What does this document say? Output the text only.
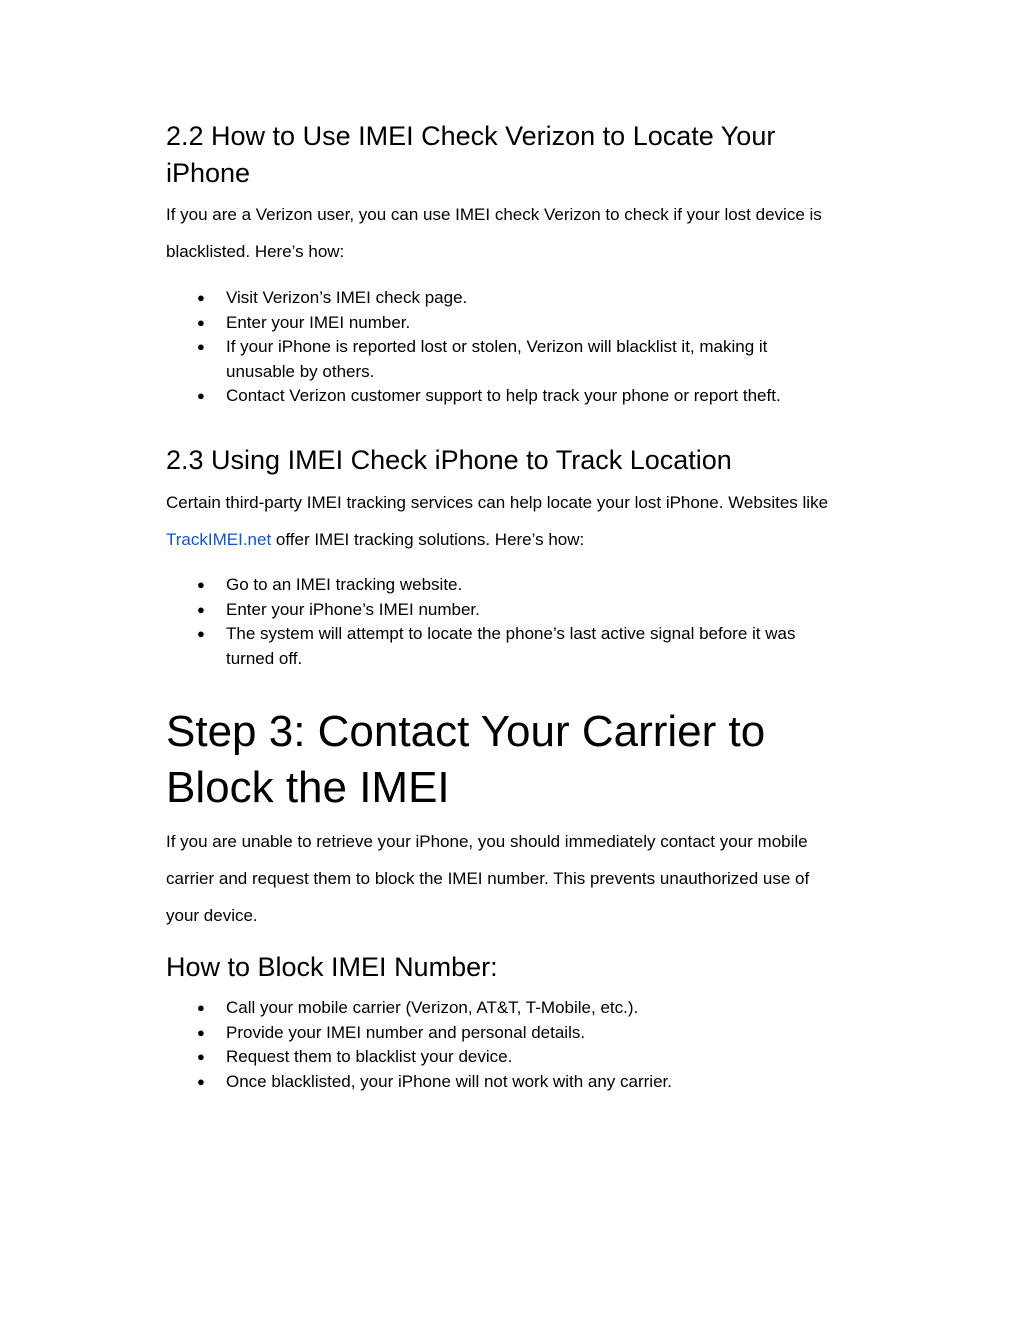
2.2 How to Use IMEI Check Verizon to Locate Your iPhone

If you are a Verizon user, you can use IMEI check Verizon to check if your lost device is blacklisted. Here’s how:

● Visit Verizon’s IMEI check page.
● Enter your IMEI number.
● If your iPhone is reported lost or stolen, Verizon will blacklist it, making it unusable by others.
● Contact Verizon customer support to help track your phone or report theft.
2.3 Using IMEI Check iPhone to Track Location

Certain third-party IMEI tracking services can help locate your lost iPhone. Websites like TrackIMEI.net offer IMEI tracking solutions. Here’s how:

● Go to an IMEI tracking website.
● Enter your iPhone’s IMEI number.
● The system will attempt to locate the phone’s last active signal before it was turned off.
Step 3: Contact Your Carrier to Block the IMEI

If you are unable to retrieve your iPhone, you should immediately contact your mobile carrier and request them to block the IMEI number. This prevents unauthorized use of your device.

How to Block IMEI Number:
● Call your mobile carrier (Verizon, AT&T, T-Mobile, etc.).
● Provide your IMEI number and personal details.
● Request them to blacklist your device.
● Once blacklisted, your iPhone will not work with any carrier.
